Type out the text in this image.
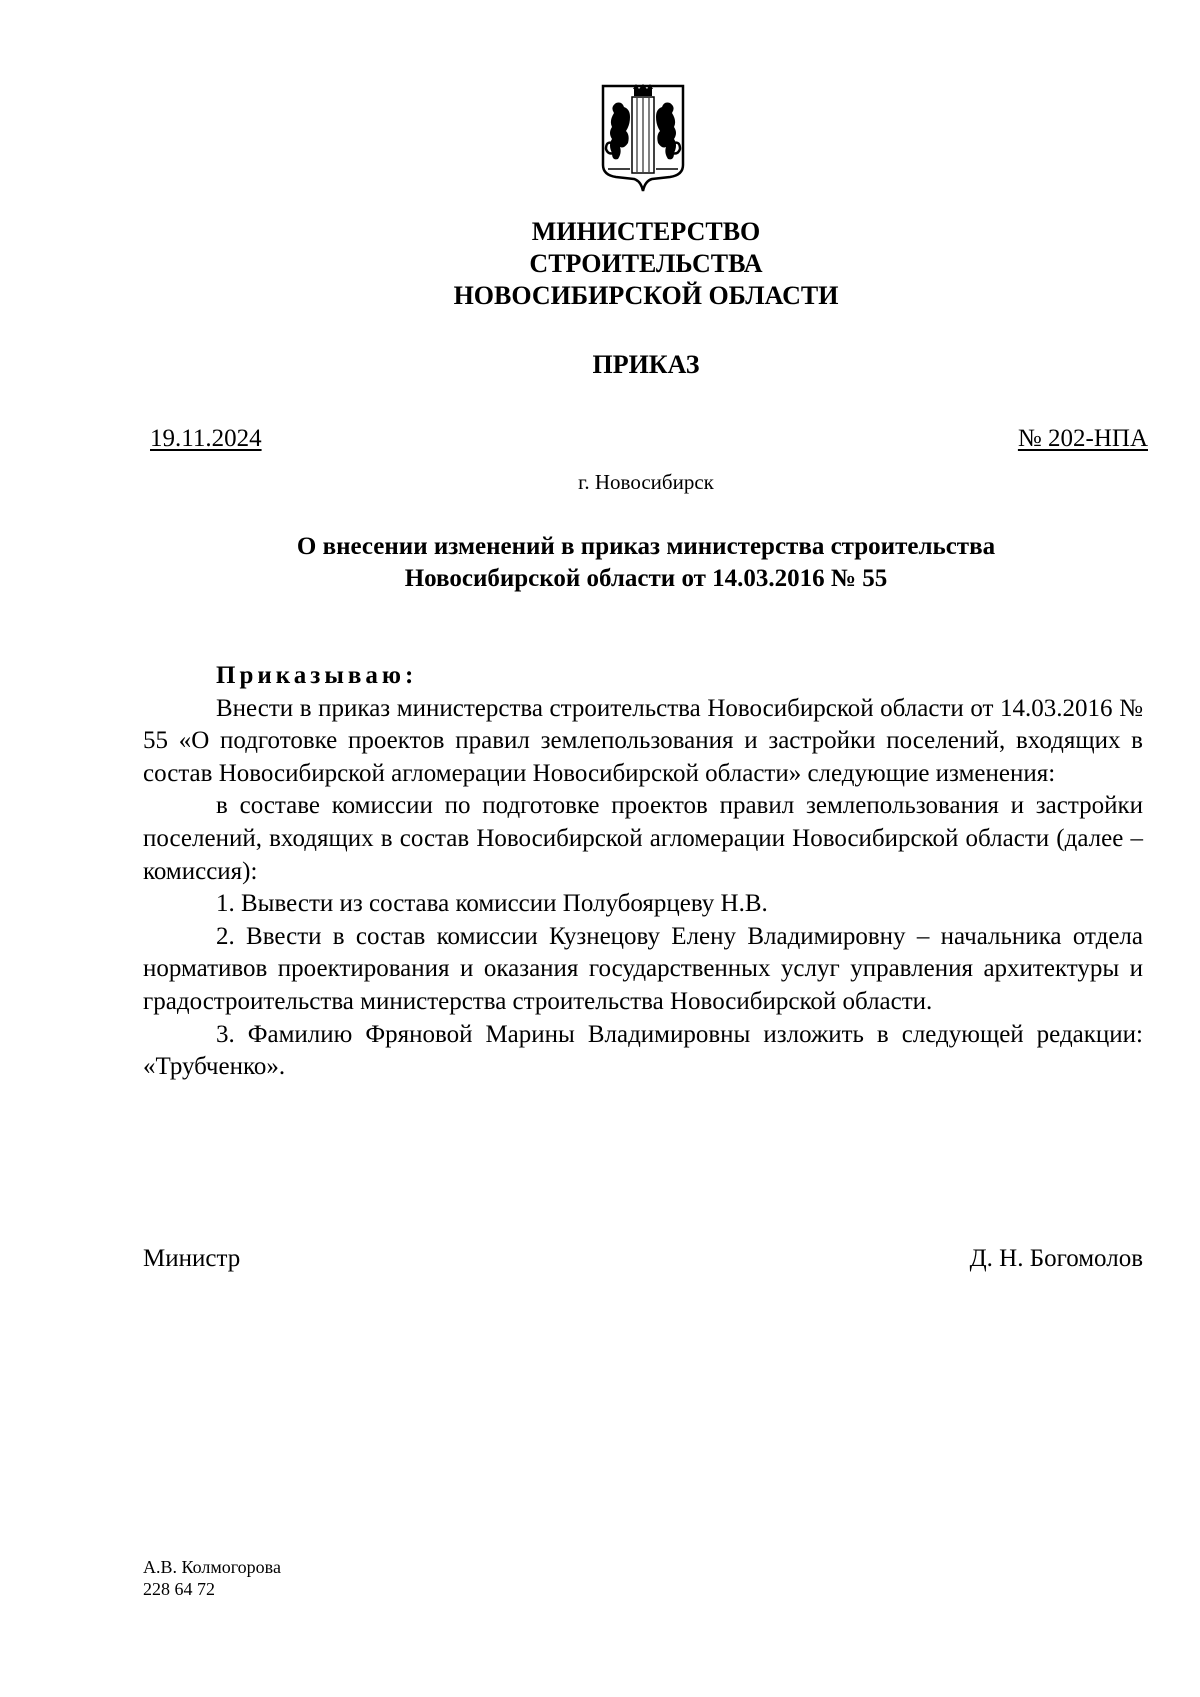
МИНИСТЕРСТВО
СТРОИТЕЛЬСТВА
НОВОСИБИРСКОЙ ОБЛАСТИ
ПРИКАЗ
19.11.2024	№ 202-НПА
г. Новосибирск
О внесении изменений в приказ министерства строительства
Новосибирской области от 14.03.2016 № 55

Приказываю:

Внести в приказ министерства строительства Новосибирской области от 14.03.2016 № 55 «О подготовке проектов правил землепользования и застройки поселений, входящих в состав Новосибирской агломерации Новосибирской области» следующие изменения:

в составе комиссии по подготовке проектов правил землепользования и застройки поселений, входящих в состав Новосибирской агломерации Новосибирской области (далее – комиссия):

1. Вывести из состава комиссии Полубоярцеву Н.В.

2. Ввести в состав комиссии Кузнецову Елену Владимировну – начальника отдела нормативов проектирования и оказания государственных услуг управления архитектуры и градостроительства министерства строительства Новосибирской области.

3. Фамилию Фряновой Марины Владимировны изложить в следующей редакции: «Трубченко».

Министр	Д. Н. Богомолов
А.В. Колмогорова
228 64 72
